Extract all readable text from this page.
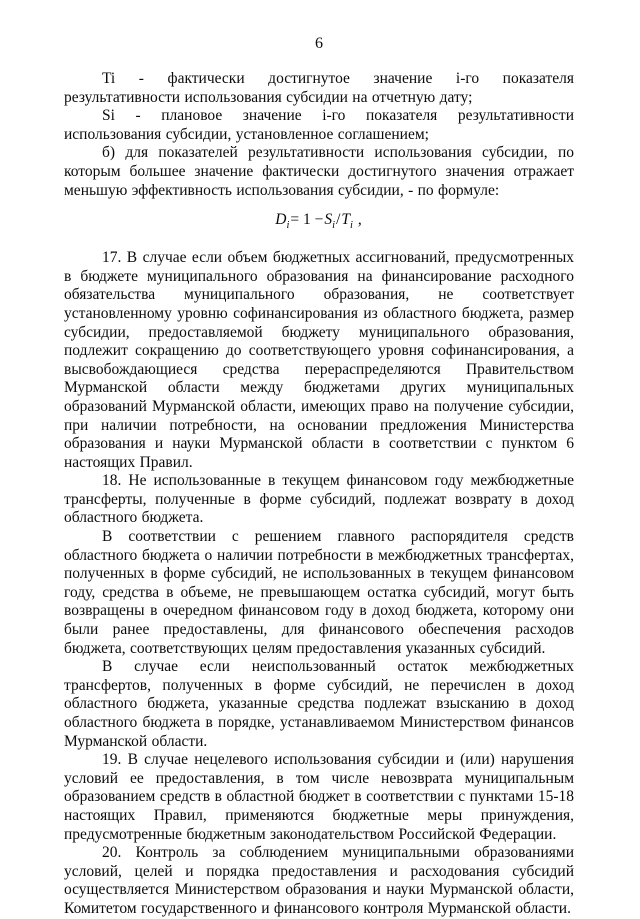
6

Ti - фактически достигнутое значение i-го показателя результативности использования субсидии на отчетную дату;

Si - плановое значение i-го показателя результативности использования субсидии, установленное соглашением;

б) для показателей результативности использования субсидии, по которым большее значение фактически достигнутого значения отражает меньшую эффективность использования субсидии, - по формуле:

$D_i= 1 -S_i/T_i$ ,

17. В случае если объем бюджетных ассигнований, предусмотренных в бюджете муниципального образования на финансирование расходного обязательства муниципального образования, не соответствует установленному уровню софинансирования из областного бюджета, размер субсидии, предоставляемой бюджету муниципального образования, подлежит сокращению до соответствующего уровня софинансирования, а высвобождающиеся средства перераспределяются Правительством Мурманской области между бюджетами других муниципальных образований Мурманской области, имеющих право на получение субсидии, при наличии потребности, на основании предложения Министерства образования и науки Мурманской области в соответствии с пунктом 6 настоящих Правил.

18. Не использованные в текущем финансовом году межбюджетные трансферты, полученные в форме субсидий, подлежат возврату в доход областного бюджета.

В соответствии с решением главного распорядителя средств областного бюджета о наличии потребности в межбюджетных трансфертах, полученных в форме субсидий, не использованных в текущем финансовом году, средства в объеме, не превышающем остатка субсидий, могут быть возвращены в очередном финансовом году в доход бюджета, которому они были ранее предоставлены, для финансового обеспечения расходов бюджета, соответствующих целям предоставления указанных субсидий.

В случае если неиспользованный остаток межбюджетных трансфертов, полученных в форме субсидий, не перечислен в доход областного бюджета, указанные средства подлежат взысканию в доход областного бюджета в порядке, устанавливаемом Министерством финансов Мурманской области.

19. В случае нецелевого использования субсидии и (или) нарушения условий ее предоставления, в том числе невозврата муниципальным образованием средств в областной бюджет в соответствии с пунктами 15-18 настоящих Правил, применяются бюджетные меры принуждения, предусмотренные бюджетным законодательством Российской Федерации.

20. Контроль за соблюдением муниципальными образованиями условий, целей и порядка предоставления и расходования субсидий осуществляется Министерством образования и науки Мурманской области, Комитетом государственного и финансового контроля Мурманской области.
